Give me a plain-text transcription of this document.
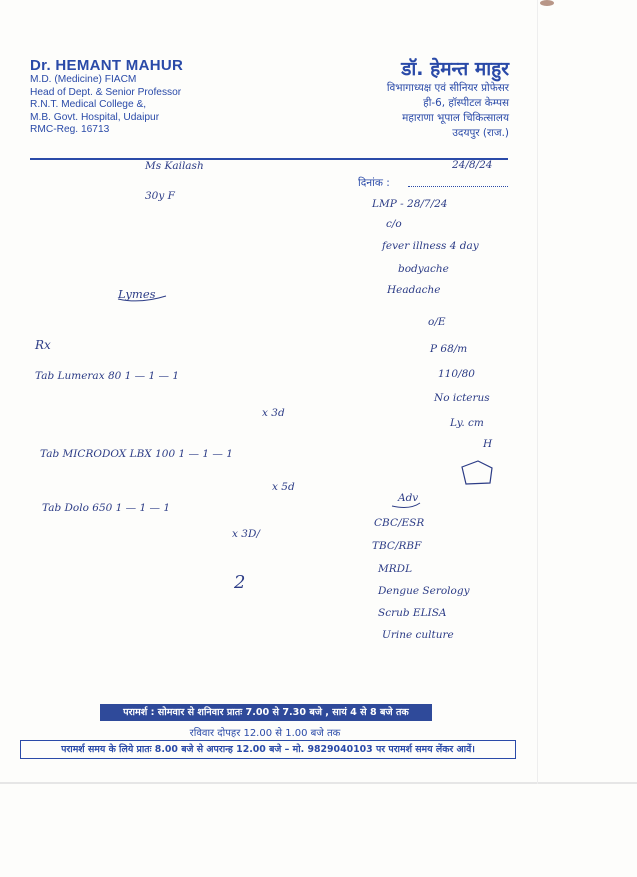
Dr. HEMANT MAHUR
M.D. (Medicine) FIACM
Head of Dept. & Senior Professor
R.N.T. Medical College &,
M.B. Govt. Hospital, Udaipur
RMC-Reg. 16713
डॉ. हेमन्त माहुर
विभागाध्यक्ष एवं सीनियर प्रोफेसर
ही-6, हॉस्पीटल केम्पस
महाराणा भूपाल चिकित्सालय
उदयपुर (राज.)
दिनांक :
Ms Kailash
30y F
24/8/24
LMP - 28/7/24
c/o
fever illness 4 day
bodyache
Headache
o/E
P 68/m
110/80
No icterus
Ly. cm
H
Lymes
Rx
Tab Lumerax 80 1 — 1 — 1
x 3d
Tab MICRODOX LBX 100 1 — 1 — 1
x 5d
Tab Dolo 650 1 — 1 — 1
x 3D/
Adv
CBC/ESR
TBC/RBF
MRDL
Dengue Serology
Scrub ELISA
Urine culture
2
परामर्श : सोमवार से शनिवार प्रातः 7.00 से 7.30 बजे , सायं 4 से 8 बजे तक
रविवार दोपहर 12.00 से 1.00 बजे तक
परामर्श समय के लिये प्रातः 8.00 बजे से अपरान्ह 12.00 बजे – मो. 9829040103 पर परामर्श समय लेंकर आवें।
